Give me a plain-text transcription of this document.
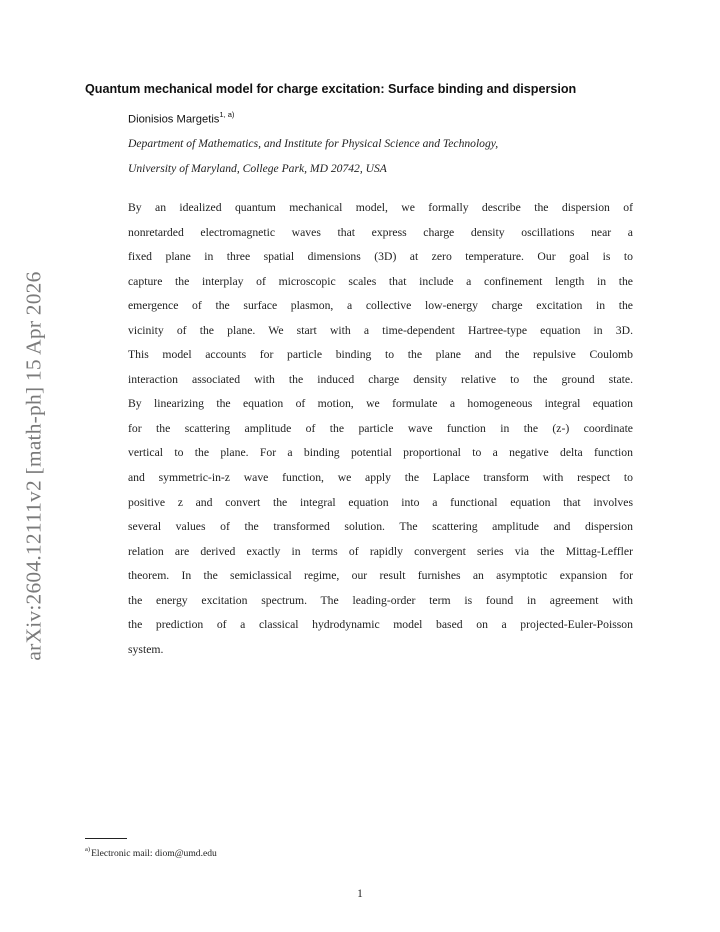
arXiv:2604.12111v2 [math-ph] 15 Apr 2026
Quantum mechanical model for charge excitation: Surface binding and dispersion
Dionisios Margetis$^{1, a)}$
Department of Mathematics, and Institute for Physical Science and Technology,
University of Maryland, College Park, MD 20742, USA
By an idealized quantum mechanical model, we formally describe the dispersion of
nonretarded electromagnetic waves that express charge density oscillations near a
fixed plane in three spatial dimensions (3D) at zero temperature. Our goal is to
capture the interplay of microscopic scales that include a confinement length in the
emergence of the surface plasmon, a collective low-energy charge excitation in the
vicinity of the plane. We start with a time-dependent Hartree-type equation in 3D.
This model accounts for particle binding to the plane and the repulsive Coulomb
interaction associated with the induced charge density relative to the ground state.
By linearizing the equation of motion, we formulate a homogeneous integral equation
for the scattering amplitude of the particle wave function in the (z-) coordinate
vertical to the plane. For a binding potential proportional to a negative delta function
and symmetric-in-z wave function, we apply the Laplace transform with respect to
positive z and convert the integral equation into a functional equation that involves
several values of the transformed solution. The scattering amplitude and dispersion
relation are derived exactly in terms of rapidly convergent series via the Mittag-Leffler
theorem. In the semiclassical regime, our result furnishes an asymptotic expansion for
the energy excitation spectrum. The leading-order term is found in agreement with
the prediction of a classical hydrodynamic model based on a projected-Euler-Poisson
system.
$^{a)}$Electronic mail: diom@umd.edu
1
